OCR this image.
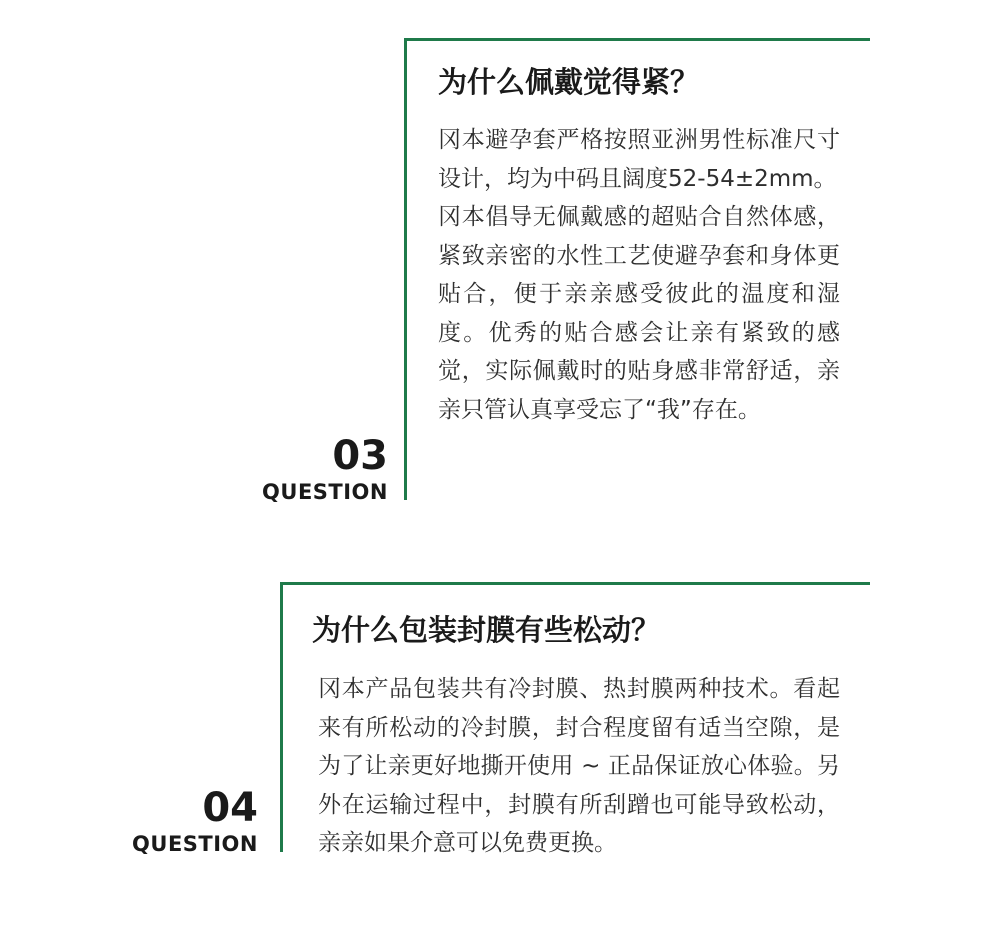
03
QUESTION
为什么佩戴觉得紧？

冈本避孕套严格按照亚洲男性标准尺寸设计，均为中码且阔度52-54±2mm。

冈本倡导无佩戴感的超贴合自然体感，紧致亲密的水性工艺使避孕套和身体更贴合，便于亲亲感受彼此的温度和湿度。优秀的贴合感会让亲有紧致的感觉，实际佩戴时的贴身感非常舒适，亲亲只管认真享受忘了“我”存在。

04
QUESTION
为什么包装封膜有些松动？

冈本产品包装共有冷封膜、热封膜两种技术。看起来有所松动的冷封膜，封合程度留有适当空隙，是为了让亲更好地撕开使用 ~ 正品保证放心体验。另外在运输过程中，封膜有所刮蹭也可能导致松动，亲亲如果介意可以免费更换。
